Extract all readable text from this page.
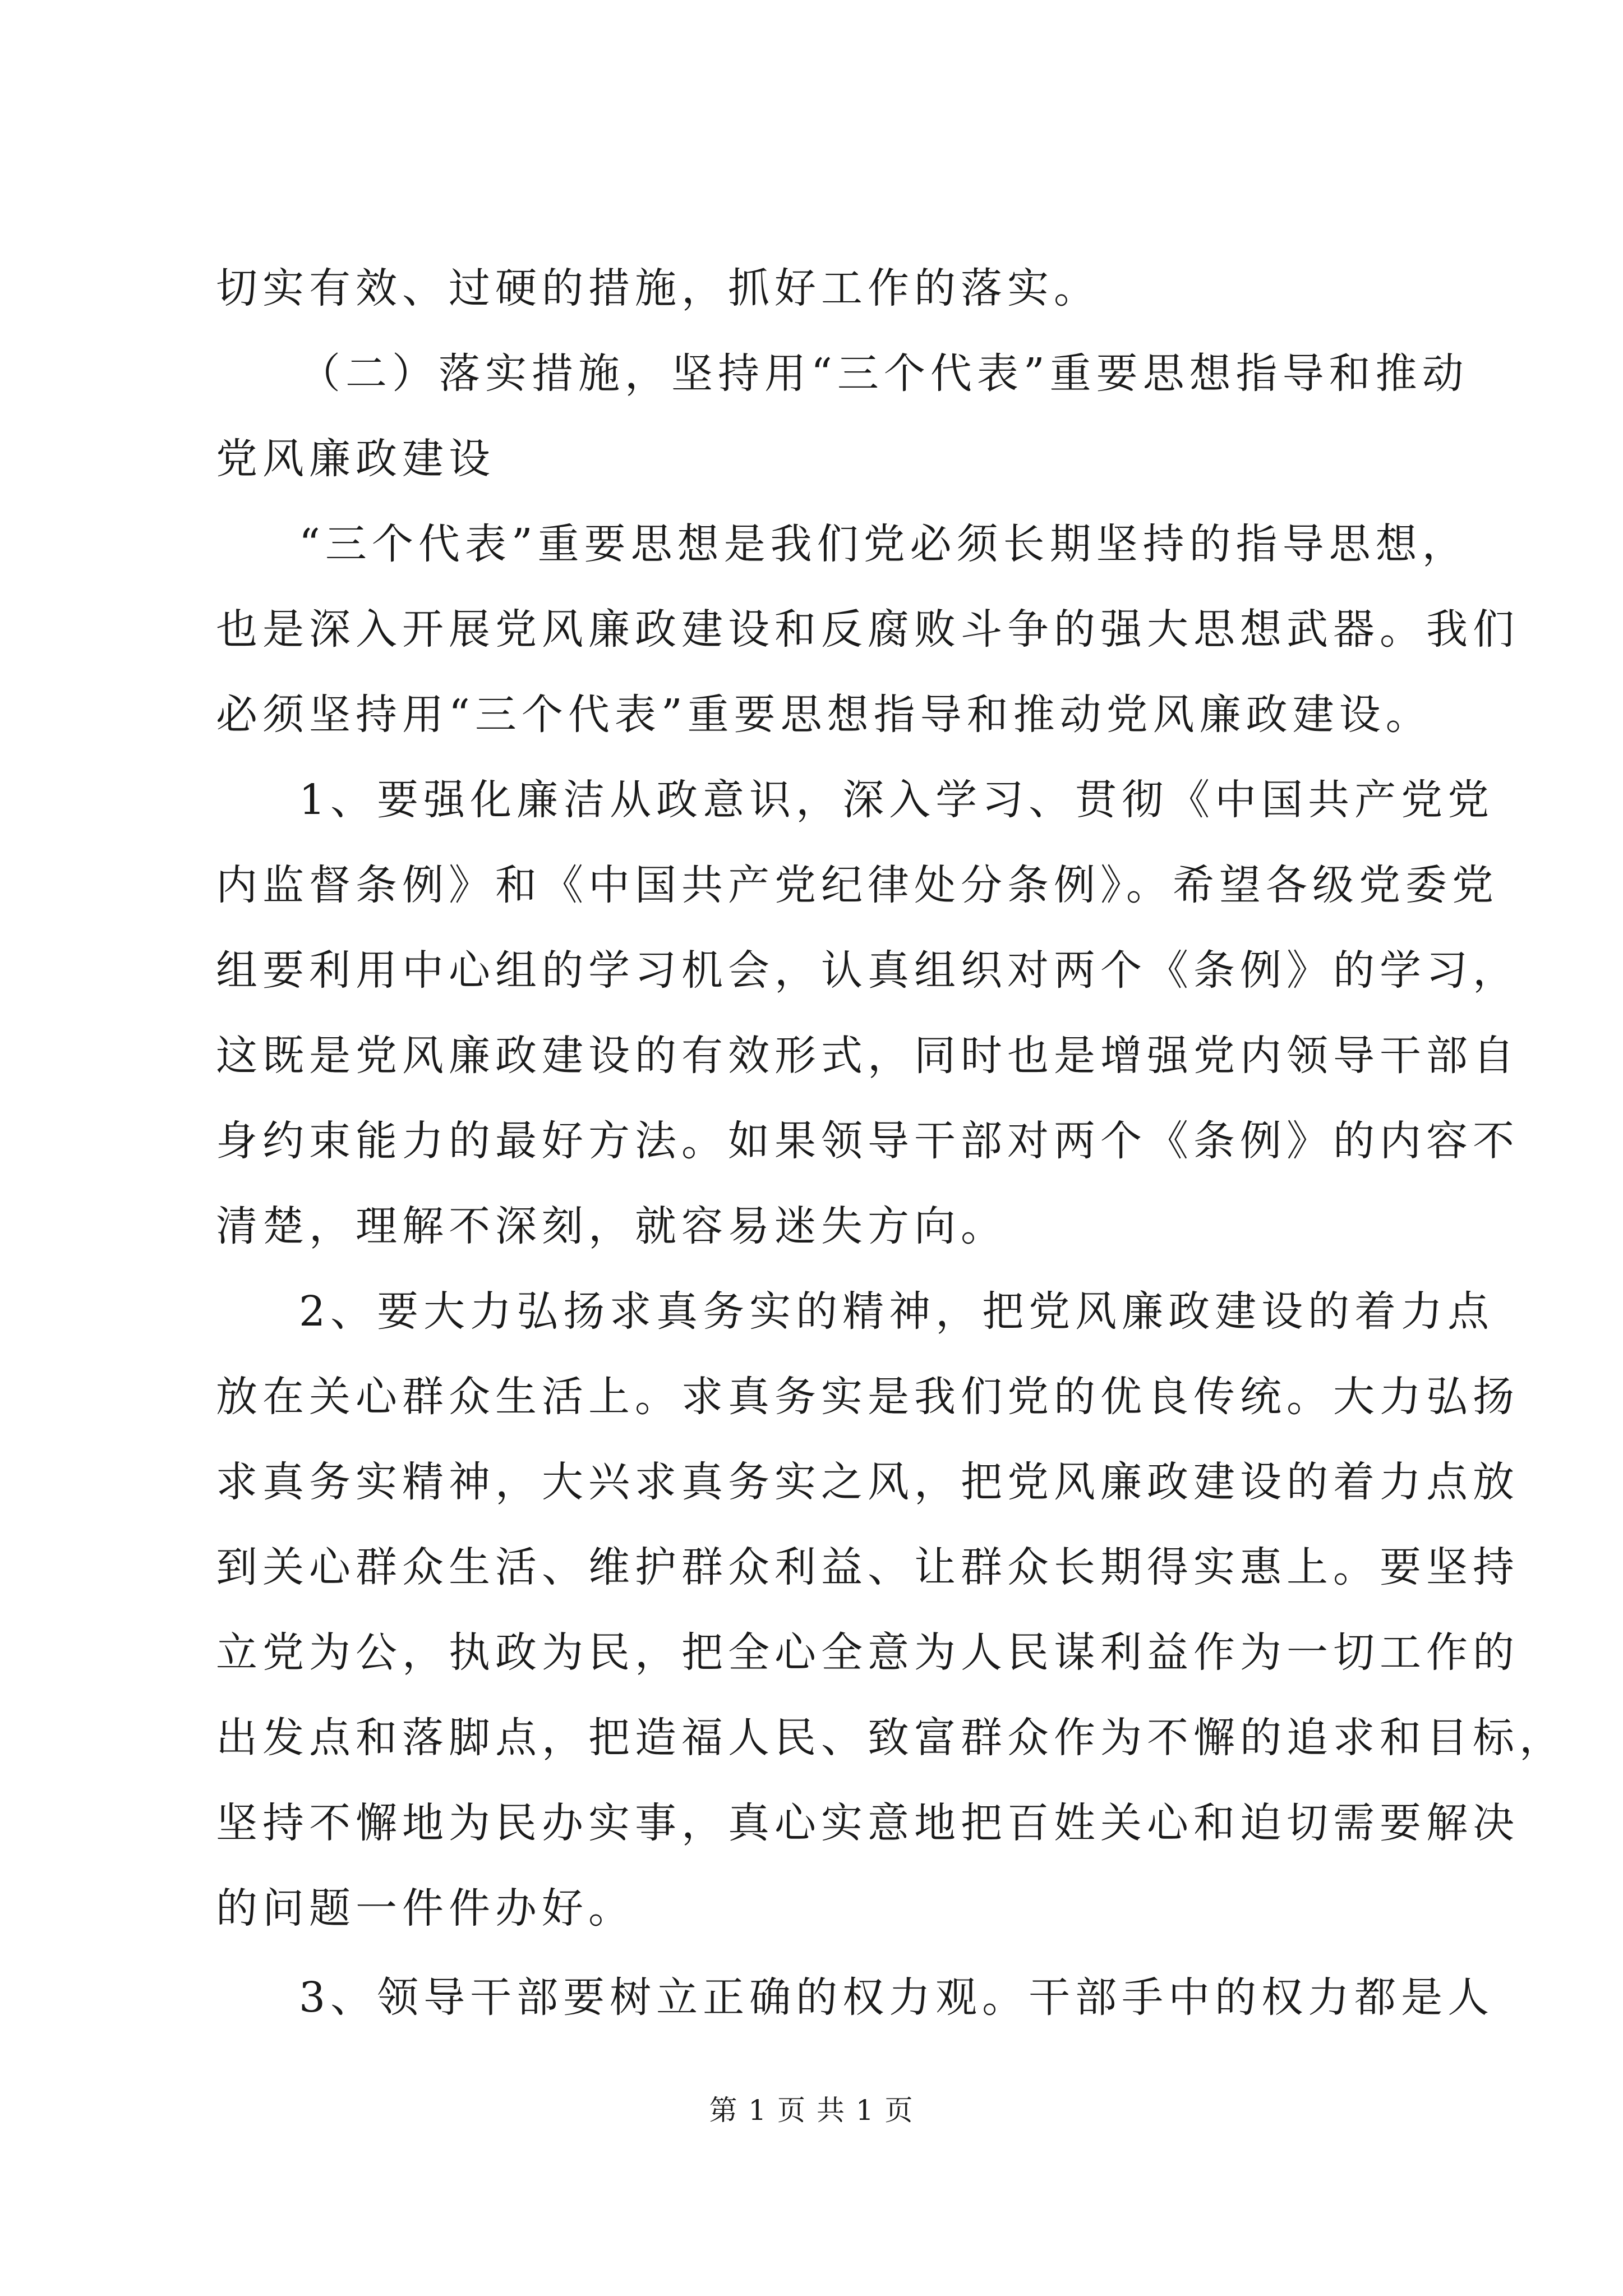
切实有效、过硬的措施，抓好工作的落实。
（二）落实措施，坚持用“三个代表”重要思想指导和推动
党风廉政建设
“三个代表”重要思想是我们党必须长期坚持的指导思想，
也是深入开展党风廉政建设和反腐败斗争的强大思想武器。我们
必须坚持用“三个代表”重要思想指导和推动党风廉政建设。
1、要强化廉洁从政意识，深入学习、贯彻《中国共产党党
内监督条例》和《中国共产党纪律处分条例》。希望各级党委党
组要利用中心组的学习机会，认真组织对两个《条例》的学习，
这既是党风廉政建设的有效形式，同时也是增强党内领导干部自
身约束能力的最好方法。如果领导干部对两个《条例》的内容不
清楚，理解不深刻，就容易迷失方向。
2、要大力弘扬求真务实的精神，把党风廉政建设的着力点
放在关心群众生活上。求真务实是我们党的优良传统。大力弘扬
求真务实精神，大兴求真务实之风，把党风廉政建设的着力点放
到关心群众生活、维护群众利益、让群众长期得实惠上。要坚持
立党为公，执政为民，把全心全意为人民谋利益作为一切工作的
出发点和落脚点，把造福人民、致富群众作为不懈的追求和目标，
坚持不懈地为民办实事，真心实意地把百姓关心和迫切需要解决
的问题一件件办好。
3、领导干部要树立正确的权力观。干部手中的权力都是人
第 1 页 共 1 页
